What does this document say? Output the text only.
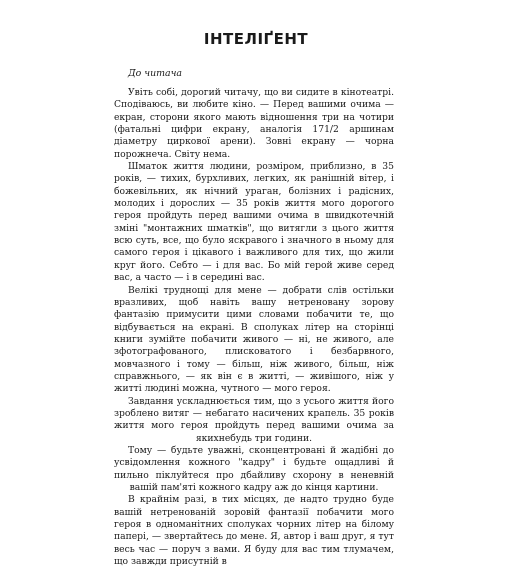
ІНТЕЛІҐЕНТ
До читача

Увіть собі, дорогий читачу, що ви сидите в кінотеатрі. Сподіваюсь, ви любите кіно. — Перед вашими очима — екран, сторони якого мають відношення три на чотири (фатальні цифри екрану, аналогія 171/2 аршинам діаметру циркової арени). Зовні екрану — чорна порожнеча. Світу нема.

Шматок життя людини, розміром, приблизно, в 35 років, — тихих, бурхливих, легких, як ранішній вітер, і божевільних, як нічний ураган, болізних і радісних, молодих і дорослих — 35 років життя мого дорогого героя пройдуть перед вашими очима в швидкотечній зміні "монтажних шматків", що витягли з цього життя всю суть, все, що було яскравого і значного в ньому для самого героя і цікавого і важливого для тих, що жили круг його. Себто — і для вас. Бо мій герой живе серед вас, а часто — і в середині вас.

Велікі труднощі для мене — добрати слів остільки вразливих, щоб навіть вашу нетреновану зорову фантазію примусити цими словами побачити те, що відбувається на екрані. В сполуках літер на сторінці книги зумійте побачити живого — ні, не живого, але зфотографованого, плисковатого і безбарвного, мовчазного і тому — більш, ніж живого, більш, ніж справжнього, — як він є в житті, — живішого, ніж у житті людині можна, чутного — мого героя.

Завдання ускладнюється тим, що з усього життя його зроблено витяг — небагато насичених крапель. 35 років життя мого героя пройдуть перед вашими очима за якихнебудь три години.

Тому — будьте уважні, сконцентровані й жадібні до усвідомлення кожного "кадру" і будьте ощадливі й пильно піклуйтеся про дбайливу схорону в неневній вашій пам'яті кожного кадру аж до кінця картини.

В крайнім разі, в тих місцях, де надто трудно буде вашій нетренованій зоровій фантазії побачити мого героя в одноманітних сполуках чорних літер на білому папері, — звертайтесь до мене. Я, автор і ваш друг, я тут весь час — поруч з вами. Я буду для вас тим тлумачем, що завжди присутній в
